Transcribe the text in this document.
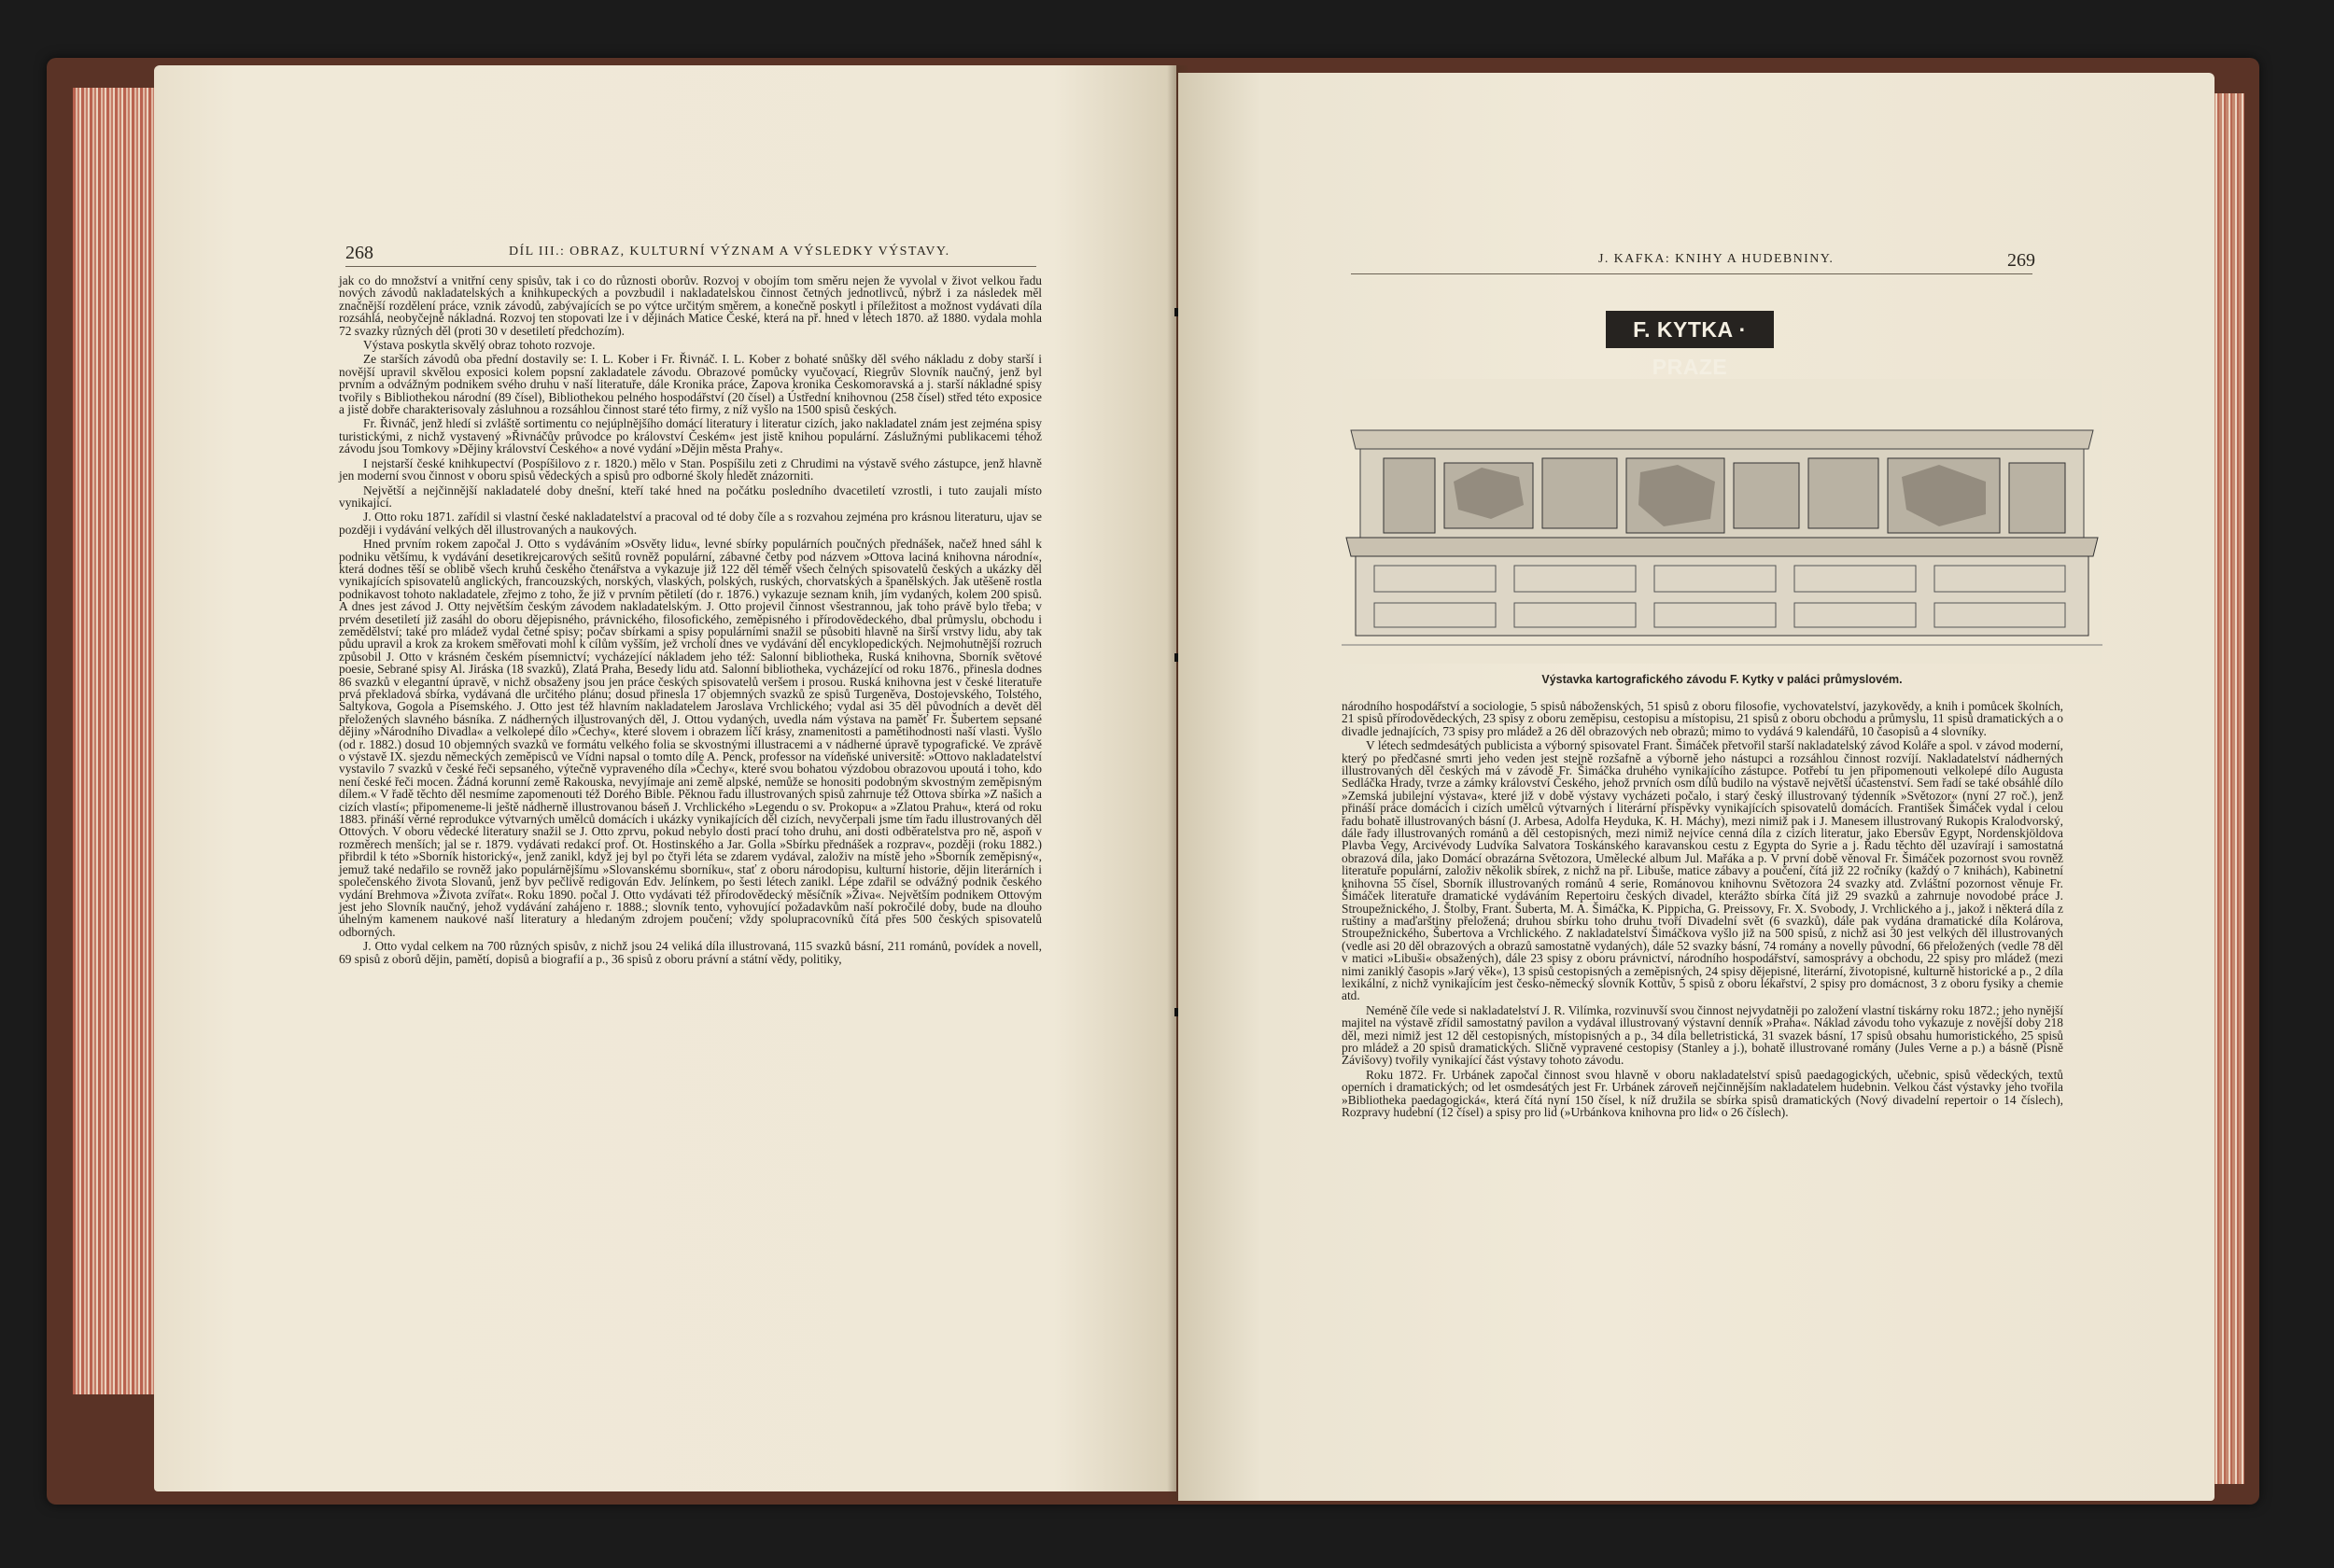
268	DÍL III.: OBRAZ, KULTURNÍ VÝZNAM A VÝSLEDKY VÝSTAVY.

jak co do množství a vnitřní ceny spisův, tak i co do různosti oborův. Rozvoj v obojím tom směru nejen že vyvolal v život velkou řadu nových závodů nakladatelských a knihkupeckých a povzbudil i nakladatelskou činnost četných jednotlivců, nýbrž i za následek měl značnější rozdělení práce, vznik závodů, zabývajících se po výtce určitým směrem, a konečně poskytl i příležitost a možnost vydávati díla rozsáhlá, neobyčejně nákladná. Rozvoj ten stopovati lze i v dějinách Matice České, která na př. hned v létech 1870. až 1880. vydala mohla 72 svazky různých děl (proti 30 v desetiletí předchozím).

Výstava poskytla skvělý obraz tohoto rozvoje.

Ze starších závodů oba přední dostavily se: I. L. Kober i Fr. Řivnáč. I. L. Kober z bohaté snůšky děl svého nákladu z doby starší i novější upravil skvělou exposici kolem popsní zakladatele závodu. Obrazové pomůcky vyučovací, Riegrův Slovník naučný, jenž byl prvním a odvážným podnikem svého druhu v naší literatuře, dále Kronika práce, Zapova kronika Českomoravská a j. starší nákladné spisy tvořily s Bibliothekou národní (89 čísel), Bibliothekou pelného hospodářství (20 čísel) a Ústřední knihovnou (258 čísel) střed této exposice a jistě dobře charakterisovaly zásluhnou a rozsáhlou činnost staré této firmy, z níž vyšlo na 1500 spisů českých.

Fr. Řivnáč, jenž hledí si zvláště sortimentu co nejúplnějšího domácí literatury i literatur cizích, jako nakladatel znám jest zejména spisy turistickými, z nichž vystavený »Řivnáčův průvodce po království Českém« jest jistě knihou populární. Záslužnými publikacemi téhož závodu jsou Tomkovy »Dějiny království Českého« a nové vydání »Dějin města Prahy«.

I nejstarší české knihkupectví (Pospíšilovo z r. 1820.) mělo v Stan. Pospíšilu zeti z Chrudimi na výstavě svého zástupce, jenž hlavně jen moderní svou činnost v oboru spisů vědeckých a spisů pro odborné školy hledět znázorniti.

Největší a nejčinnější nakladatelé doby dnešní, kteří také hned na počátku posledního dvacetiletí vzrostli, i tuto zaujali místo vynikající.

J. Otto roku 1871. zařídil si vlastní české nakladatelství a pracoval od té doby číle a s rozvahou zejména pro krásnou literaturu, ujav se později i vydávání velkých děl illustrovaných a naukových.

Hned prvním rokem započal J. Otto s vydáváním »Osvěty lidu«, levné sbírky populárních poučných přednášek, načež hned sáhl k podniku většímu, k vydávání desetikrejcarových sešitů rovněž populární, zábavné četby pod názvem »Ottova laciná knihovna národní«, která dodnes těší se oblibě všech kruhů českého čtenářstva a vykazuje již 122 děl téměř všech čelných spisovatelů českých a ukázky děl vynikajících spisovatelů anglických, francouzských, norských, vlaských, polských, ruských, chorvatských a španělských. Jak utěšeně rostla podnikavost tohoto nakladatele, zřejmo z toho, že již v prvním pětiletí (do r. 1876.) vykazuje seznam knih, jím vydaných, kolem 200 spisů. A dnes jest závod J. Otty největším českým závodem nakladatelským. J. Otto projevil činnost všestrannou, jak toho právě bylo třeba; v prvém desetiletí již zasáhl do oboru dějepisného, právnického, filosofického, zeměpisného i přírodovědeckého, dbal průmyslu, obchodu i zemědělství; také pro mládež vydal četné spisy; počav sbírkami a spisy populárními snažil se působiti hlavně na širší vrstvy lidu, aby tak půdu upravil a krok za krokem směřovati mohl k cílům vyšším, jež vrcholí dnes ve vydávání děl encyklopedických. Nejmohutnější rozruch způsobil J. Otto v krásném českém písemnictví; vycházející nákladem jeho též: Salonní bibliotheka, Ruská knihovna, Sborník světové poesie, Sebrané spisy Al. Jiráska (18 svazků), Zlatá Praha, Besedy lidu atd. Salonní bibliotheka, vycházející od roku 1876., přinesla dodnes 86 svazků v elegantní úpravě, v nichž obsaženy jsou jen práce českých spisovatelů veršem i prosou. Ruská knihovna jest v české literatuře prvá překladová sbírka, vydávaná dle určitého plánu; dosud přinesla 17 objemných svazků ze spisů Turgeněva, Dostojevského, Tolstého, Saltykova, Gogola a Písemského. J. Otto jest též hlavním nakladatelem Jaroslava Vrchlického; vydal asi 35 děl původních a devět děl přeložených slavného básníka. Z nádherných illustrovaných děl, J. Ottou vydaných, uvedla nám výstava na paměť Fr. Šubertem sepsané dějiny »Národního Divadla« a velkolepé dílo »Čechy«, které slovem i obrazem líčí krásy, znamenitosti a pamětihodnosti naší vlasti. Vyšlo (od r. 1882.) dosud 10 objemných svazků ve formátu velkého folia se skvostnými illustracemi a v nádherné úpravě typografické. Ve zprávě o výstavě IX. sjezdu německých zeměpisců ve Vídni napsal o tomto díle A. Penck, professor na vídeňské universitě: »Ottovo nakladatelství vystavilo 7 svazků v české řeči sepsaného, výtečně vypraveného díla »Čechy«, které svou bohatou výzdobou obrazovou upoutá i toho, kdo není české řeči mocen. Žádná korunní země Rakouska, nevyjímaje ani země alpské, nemůže se honositi podobným skvostným zeměpisným dílem.« V řadě těchto děl nesmíme zapomenouti též Dorého Bible. Pěknou řadu illustrovaných spisů zahrnuje též Ottova sbírka »Z našich a cizích vlastí«; připomeneme-li ještě nádherně illustrovanou báseň J. Vrchlického »Legendu o sv. Prokopu« a »Zlatou Prahu«, která od roku 1883. přináší věrné reprodukce výtvarných umělců domácích i ukázky vynikajících děl cizích, nevyčerpali jsme tím řadu illustrovaných děl Ottových. V oboru vědecké literatury snažil se J. Otto zprvu, pokud nebylo dosti prací toho druhu, ani dosti odběratelstva pro ně, aspoň v rozměrech menších; jal se r. 1879. vydávati redakcí prof. Ot. Hostinského a Jar. Golla »Sbírku přednášek a rozprav«, později (roku 1882.) přibrdil k této »Sborník historický«, jenž zanikl, když jej byl po čtyři léta se zdarem vydával, založiv na místě jeho »Sborník zeměpisný«, jemuž také nedařilo se rovněž jako populárnějšímu »Slovanskému sborníku«, stať z oboru národopisu, kulturní historie, dějin literárních i společenského života Slovanů, jenž byv pečlivě redigován Edv. Jelínkem, po šesti létech zanikl. Lépe zdařil se odvážný podnik českého vydání Brehmova »Života zvířat«. Roku 1890. počal J. Otto vydávati též přírodovědecký měsíčník »Živa«. Největším podnikem Ottovým jest jeho Slovník naučný, jehož vydávání zahájeno r. 1888.; slovník tento, vyhovující požadavkům naší pokročilé doby, bude na dlouho úhelným kamenem naukové naší literatury a hledaným zdrojem poučení; vždy spolupracovníků čítá přes 500 českých spisovatelů odborných.

J. Otto vydal celkem na 700 různých spisův, z nichž jsou 24 veliká díla illustrovaná, 115 svazků básní, 211 románů, povídek a novell, 69 spisů z oborů dějin, pamětí, dopisů a biografií a p., 36 spisů z oboru právní a státní vědy, politiky,

J. KAFKA: KNIHY A HUDEBNINY.	269
Výstavka kartografického závodu F. Kytky v paláci průmyslovém.

národního hospodářství a sociologie, 5 spisů náboženských, 51 spisů z oboru filosofie, vychovatelství, jazykovědy, a knih i pomůcek školních, 21 spisů přírodovědeckých, 23 spisy z oboru zeměpisu, cestopisu a místopisu, 21 spisů z oboru obchodu a průmyslu, 11 spisů dramatických a o divadle jednajících, 73 spisy pro mládež a 26 děl obrazových neb obrazů; mimo to vydává 9 kalendářů, 10 časopisů a 4 slovníky.

V létech sedmdesátých publicista a výborný spisovatel Frant. Šimáček přetvořil starší nakladatelský závod Koláře a spol. v závod moderní, který po předčasné smrti jeho veden jest stejně rozšafně a výborně jeho nástupci a rozsáhlou činnost rozvíjí. Nakladatelství nádherných illustrovaných děl českých má v závodě Fr. Šimáčka druhého vynikajícího zástupce. Potřebí tu jen připomenouti velkolepé dílo Augusta Sedláčka Hrady, tvrze a zámky království Českého, jehož prvních osm dílů budilo na výstavě největší účastenství. Sem řadí se také obsáhlé dílo »Zemská jubilejní výstava«, které již v době výstavy vycházeti počalo, i starý český illustrovaný týdenník »Světozor« (nyní 27 roč.), jenž přináší práce domácích i cizích umělců výtvarných i literární příspěvky vynikajících spisovatelů domácích. František Šimáček vydal i celou řadu bohatě illustrovaných básní (J. Arbesa, Adolfa Heyduka, K. H. Máchy), mezi nimiž pak i J. Manesem illustrovaný Rukopis Kralodvorský, dále řady illustrovaných románů a děl cestopisných, mezi nimiž nejvíce cenná díla z cizích literatur, jako Ebersův Egypt, Nordenskjöldova Plavba Vegy, Arcivévody Ludvíka Salvatora Toskánského karavanskou cestu z Egypta do Syrie a j. Řadu těchto děl uzavírají i samostatná obrazová díla, jako Domácí obrazárna Světozora, Umělecké album Jul. Mařáka a p. V první době věnoval Fr. Šimáček pozornost svou rovněž literatuře populární, založiv několik sbírek, z nichž na př. Libuše, matice zábavy a poučení, čítá již 22 ročníky (každý o 7 knihách), Kabinetní knihovna 55 čísel, Sborník illustrovaných románů 4 serie, Románovou knihovnu Světozora 24 svazky atd. Zvláštní pozornost věnuje Fr. Šimáček literatuře dramatické vydáváním Repertoiru českých divadel, kterážto sbírka čítá již 29 svazků a zahrnuje novodobé práce J. Stroupežnického, J. Štolby, Frant. Šuberta, M. A. Šimáčka, K. Pippicha, G. Preissovy, Fr. X. Svobody, J. Vrchlického a j., jakož i některá díla z ruštiny a maďarštiny přeložená; druhou sbírku toho druhu tvoří Divadelní svět (6 svazků), dále pak vydána dramatické díla Kolárova, Stroupežnického, Šubertova a Vrchlického. Z nakladatelství Šimáčkova vyšlo již na 500 spisů, z nichž asi 30 jest velkých děl illustrovaných (vedle asi 20 děl obrazových a obrazů samostatně vydaných), dále 52 svazky básní, 74 romány a novelly původní, 66 přeložených (vedle 78 děl v matici »Libuši« obsažených), dále 23 spisy z oboru právnictví, národního hospodářství, samosprávy a obchodu, 22 spisy pro mládež (mezi nimi zaniklý časopis »Jarý věk«), 13 spisů cestopisných a zeměpisných, 24 spisy dějepisné, literární, životopisné, kulturně historické a p., 2 díla lexikální, z nichž vynikajícím jest česko-německý slovník Kottův, 5 spisů z oboru lékařství, 2 spisy pro domácnost, 3 z oboru fysiky a chemie atd.

Neméně číle vede si nakladatelství J. R. Vilímka, rozvinuvší svou činnost nejvydatněji po založení vlastní tiskárny roku 1872.; jeho nynější majitel na výstavě zřídil samostatný pavilon a vydával illustrovaný výstavní denník »Praha«. Náklad závodu toho vykazuje z novější doby 218 děl, mezi nimiž jest 12 děl cestopisných, místopisných a p., 34 díla belletristická, 31 svazek básní, 17 spisů obsahu humoristického, 25 spisů pro mládež a 20 spisů dramatických. Sličně vypravené cestopisy (Stanley a j.), bohatě illustrované romány (Jules Verne a p.) a básně (Písně Závišovy) tvořily vynikající část výstavy tohoto závodu.

Roku 1872. Fr. Urbánek započal činnost svou hlavně v oboru nakladatelství spisů paedagogických, učebnic, spisů vědeckých, textů operních i dramatických; od let osmdesátých jest Fr. Urbánek zároveň nejčinnějším nakladatelem hudebnin. Velkou část výstavky jeho tvořila »Bibliotheka paedagogická«, která čítá nyní 150 čísel, k níž družila se sbírka spisů dramatických (Nový divadelní repertoir o 14 číslech), Rozpravy hudební (12 čísel) a spisy pro lid (»Urbánkova knihovna pro lid« o 26 číslech).

F. KYTKA · PRAZE
